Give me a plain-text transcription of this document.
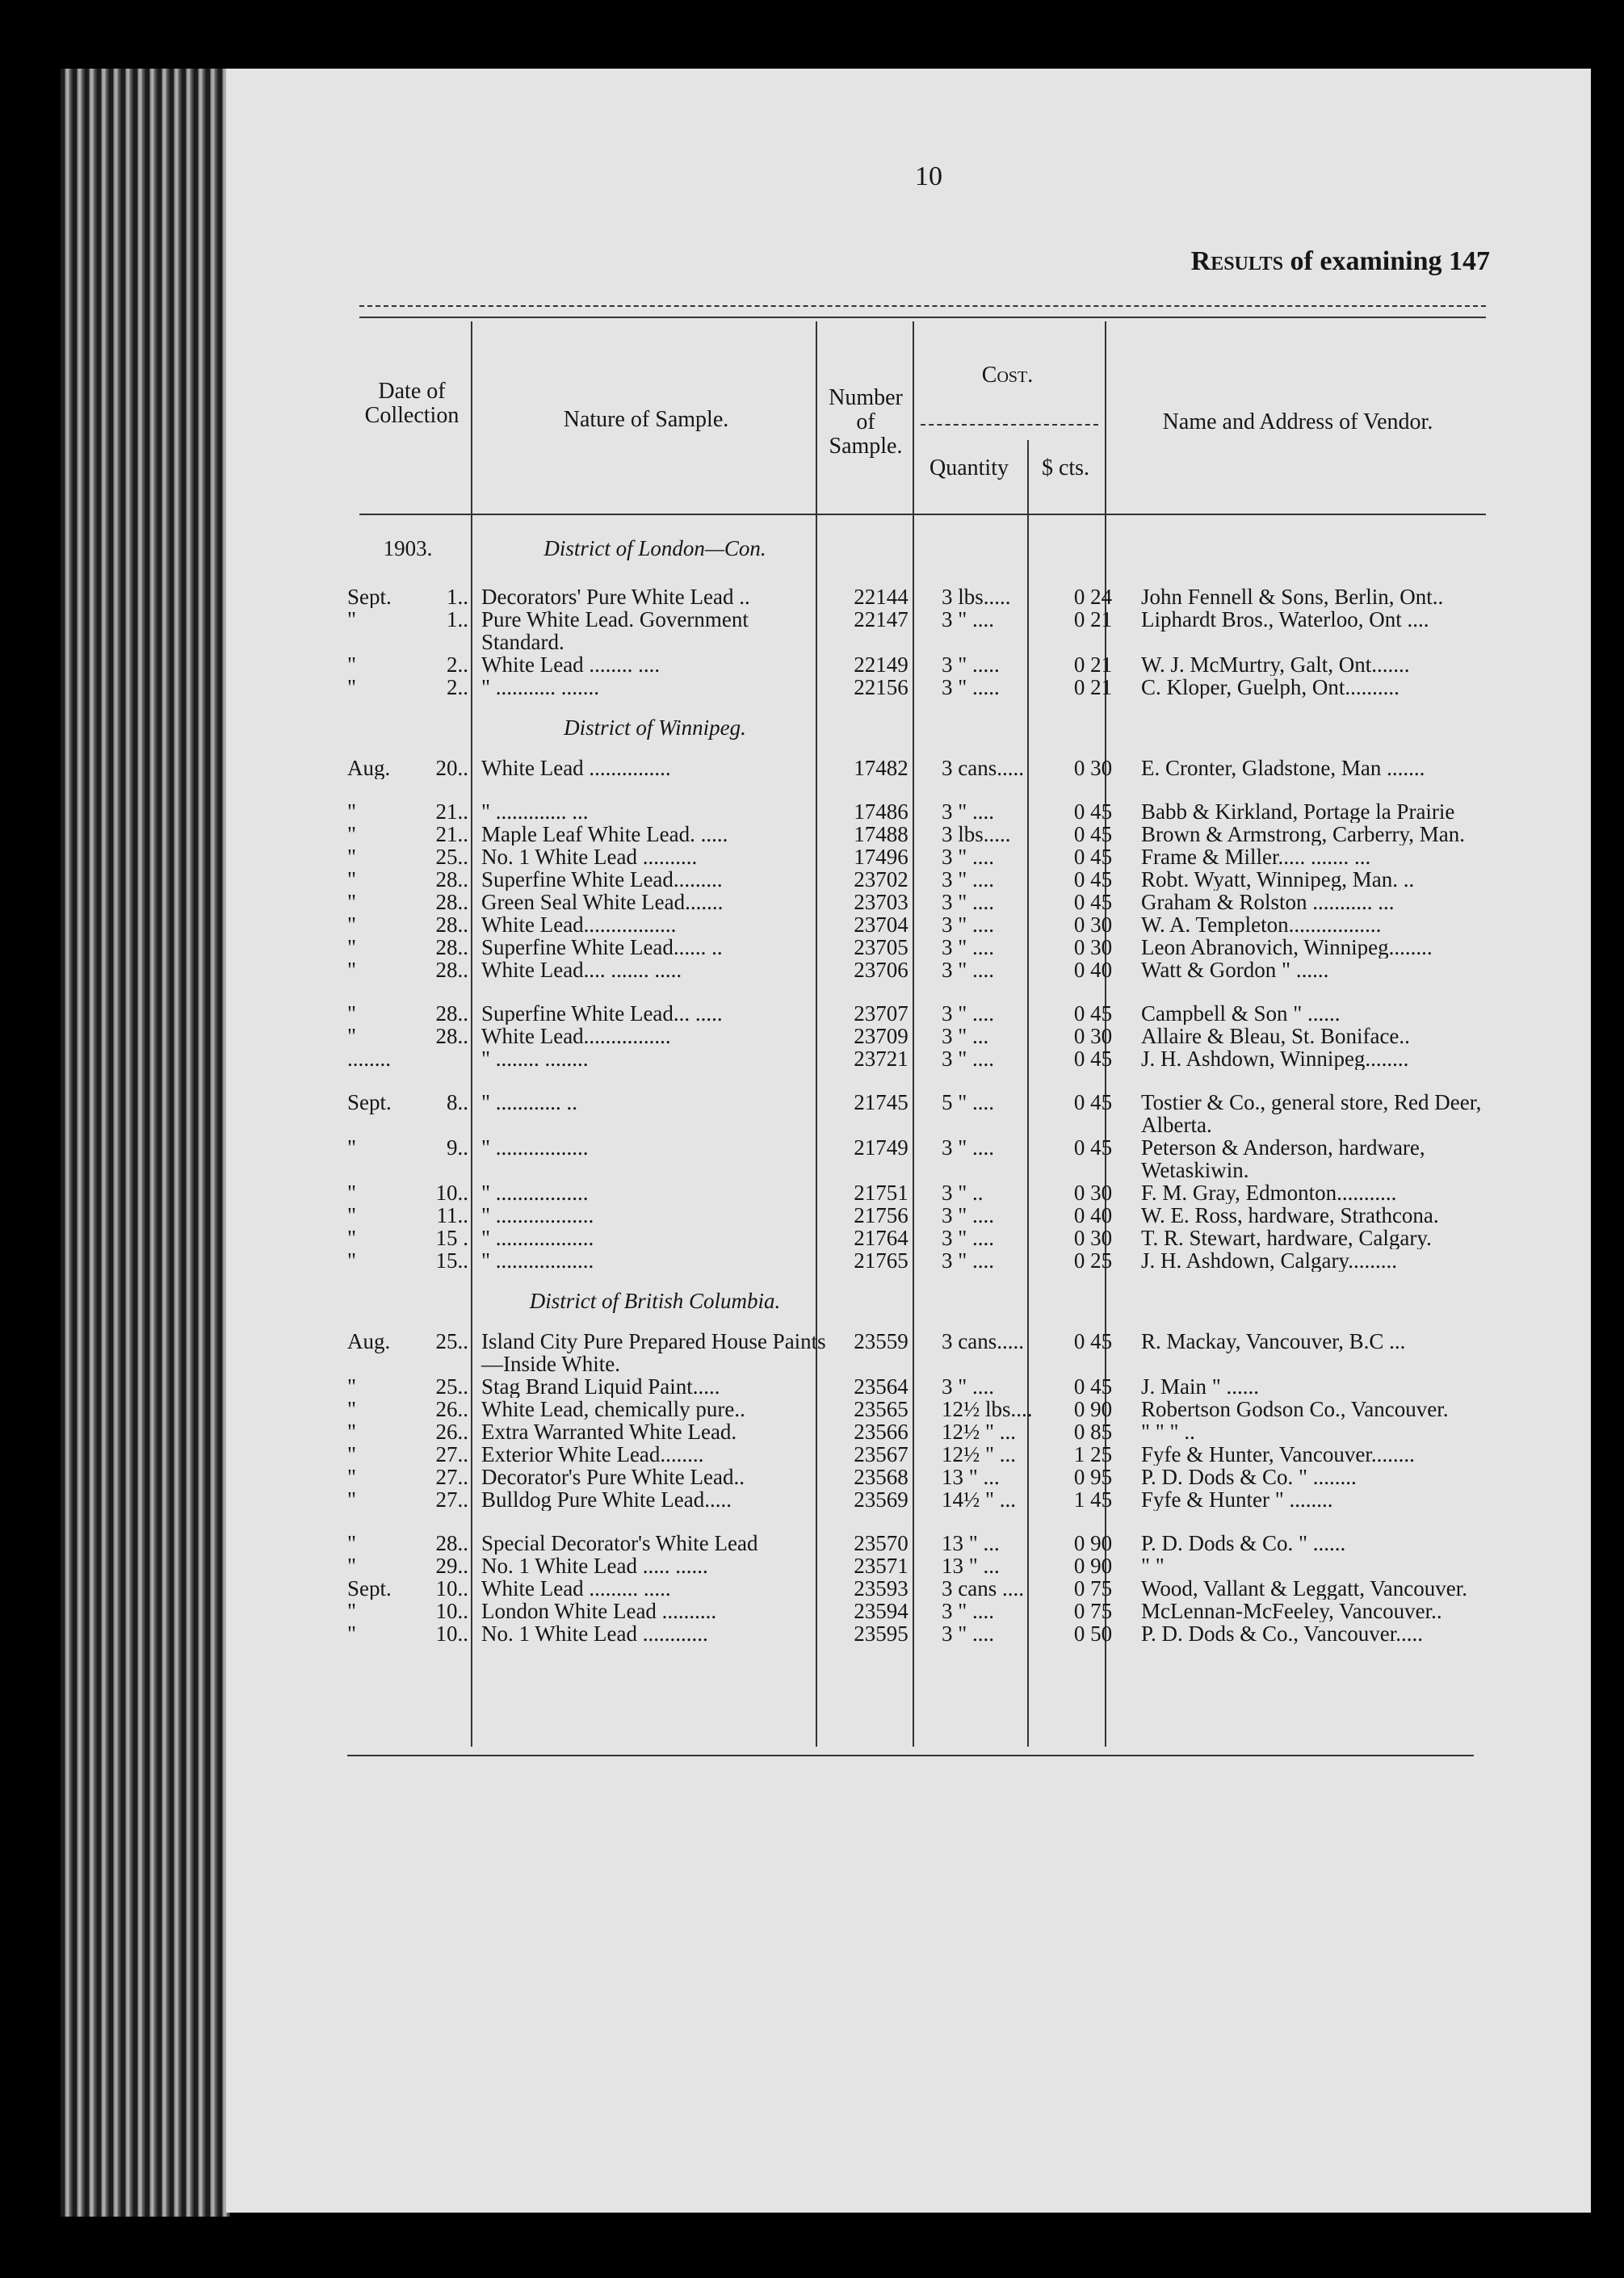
10
Results of examining 147
Date of Collection	Nature of Sample.
Number of Sample.
Cost.
Quantity	$ cts.
Name and Address of Vendor.
1903.	District of London—Con.				

Sept. 1..	Decorators' Pure White Lead ..	22144	3 lbs.....	0 24	John Fennell & Sons, Berlin, Ont..

" 1..	Pure White Lead. Government Standard.	22147	3 " ....	0 21	Liphardt Bros., Waterloo, Ont ....

" 2..	White Lead ........ ....	22149	3 " .....	0 21	W. J. McMurtry, Galt, Ont.......

" 2..	" ........... .......	22156	3 " .....	0 21	C. Kloper, Guelph, Ont..........

	District of Winnipeg.				

Aug. 20..	White Lead ...............	17482	3 cans.....	0 30	E. Cronter, Gladstone, Man .......

" 21..	" ............. ...	17486	3 " ....	0 45	Babb & Kirkland, Portage la Prairie

" 21..	Maple Leaf White Lead. .....	17488	3 lbs.....	0 45	Brown & Armstrong, Carberry, Man.

" 25..	No. 1 White Lead ..........	17496	3 " ....	0 45	Frame & Miller..... ....... ...

" 28..	Superfine White Lead.........	23702	3 " ....	0 45	Robt. Wyatt, Winnipeg, Man. ..

" 28..	Green Seal White Lead.......	23703	3 " ....	0 45	Graham & Rolston ........... ...

" 28..	White Lead.................	23704	3 " ....	0 30	W. A. Templeton.................

" 28..	Superfine White Lead...... ..	23705	3 " ....	0 30	Leon Abranovich, Winnipeg........

" 28..	White Lead.... ....... .....	23706	3 " ....	0 40	Watt & Gordon " ......

" 28..	Superfine White Lead... .....	23707	3 " ....	0 45	Campbell & Son " ......

" 28..	White Lead................	23709	3 " ...	0 30	Allaire & Bleau, St. Boniface..

........	" ........ ........	23721	3 " ....	0 45	J. H. Ashdown, Winnipeg........

Sept. 8..	" ............ ..	21745	5 " ....	0 45	Tostier & Co., general store, Red Deer, Alberta.

" 9..	" .................	21749	3 " ....	0 45	Peterson & Anderson, hardware, Wetaskiwin.

" 10..	" .................	21751	3 " ..	0 30	F. M. Gray, Edmonton...........

" 11..	" ..................	21756	3 " ....	0 40	W. E. Ross, hardware, Strathcona.

" 15 .	" ..................	21764	3 " ....	0 30	T. R. Stewart, hardware, Calgary.

" 15..	" ..................	21765	3 " ....	0 25	J. H. Ashdown, Calgary.........

	District of British Columbia.				

Aug. 25..	Island City Pure Prepared House Paints—Inside White.	23559	3 cans.....	0 45	R. Mackay, Vancouver, B.C ...

" 25..	Stag Brand Liquid Paint.....	23564	3 " ....	0 45	J. Main " ......

" 26..	White Lead, chemically pure..	23565	12½ lbs....	0 90	Robertson Godson Co., Vancouver.

" 26..	Extra Warranted White Lead.	23566	12½ " ...	0 85	" " " ..

" 27..	Exterior White Lead........	23567	12½ " ...	1 25	Fyfe & Hunter, Vancouver........

" 27..	Decorator's Pure White Lead..	23568	13 " ...	0 95	P. D. Dods & Co. " ........

" 27..	Bulldog Pure White Lead.....	23569	14½ " ...	1 45	Fyfe & Hunter " ........

" 28..	Special Decorator's White Lead	23570	13 " ...	0 90	P. D. Dods & Co. " ......

" 29..	No. 1 White Lead ..... ......	23571	13 " ...	0 90	" "

Sept. 10..	White Lead ......... .....	23593	3 cans ....	0 75	Wood, Vallant & Leggatt, Vancouver.

" 10..	London White Lead ..........	23594	3 " ....	0 75	McLennan-McFeeley, Vancouver..

" 10..	No. 1 White Lead ............	23595	3 " ....	0 50	P. D. Dods & Co., Vancouver.....
